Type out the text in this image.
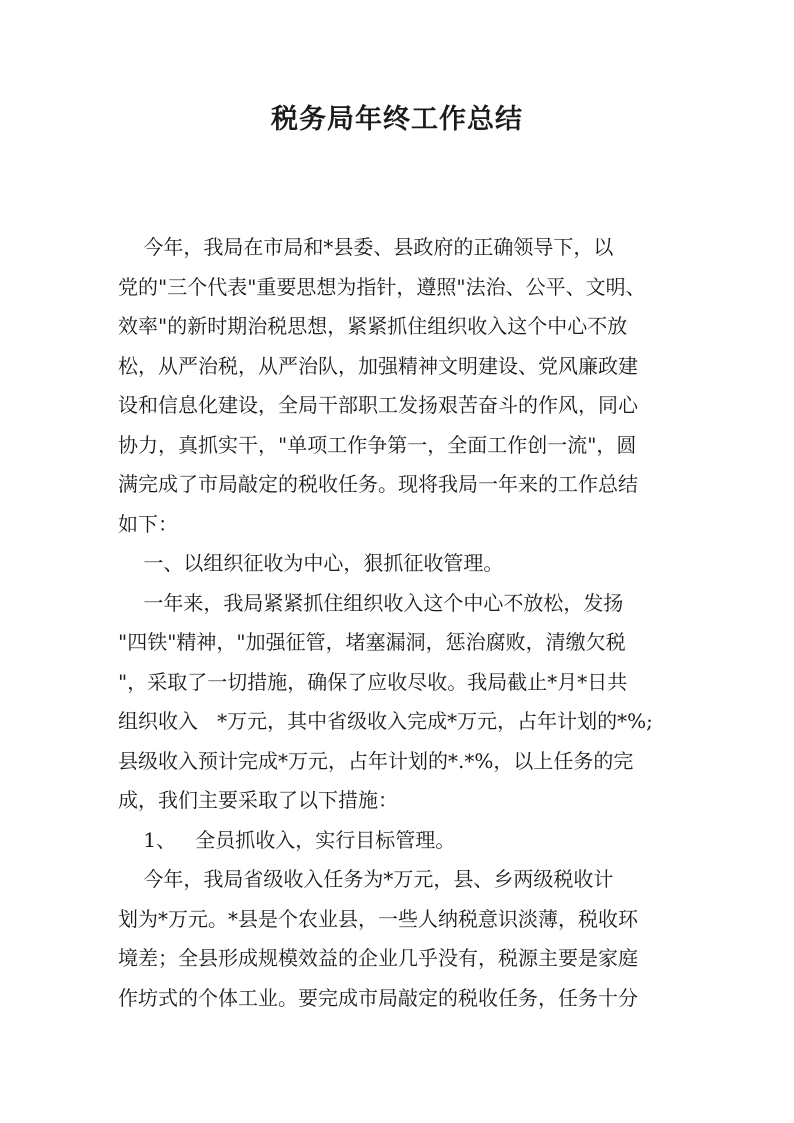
税务局年终工作总结
今年，我局在市局和*县委、县政府的正确领导下，以
党的"三个代表"重要思想为指针，遵照"法治、公平、文明、
效率"的新时期治税思想，紧紧抓住组织收入这个中心不放
松，从严治税，从严治队，加强精神文明建设、党风廉政建
设和信息化建设，全局干部职工发扬艰苦奋斗的作风，同心
协力，真抓实干，"单项工作争第一，全面工作创一流"，圆
满完成了市局敲定的税收任务。现将我局一年来的工作总结
如下：
一、以组织征收为中心，狠抓征收管理。
一年来，我局紧紧抓住组织收入这个中心不放松，发扬
"四铁"精神，"加强征管，堵塞漏洞，惩治腐败，清缴欠税
"，采取了一切措施，确保了应收尽收。我局截止*月*日共
组织收入   *万元，其中省级收入完成*万元，占年计划的*%;
县级收入预计完成*万元，占年计划的*.*%，以上任务的完
成，我们主要采取了以下措施：
1、   全员抓收入，实行目标管理。
今年，我局省级收入任务为*万元，县、乡两级税收计
划为*万元。*县是个农业县，一些人纳税意识淡薄，税收环
境差；全县形成规模效益的企业几乎没有，税源主要是家庭
作坊式的个体工业。要完成市局敲定的税收任务，任务十分
